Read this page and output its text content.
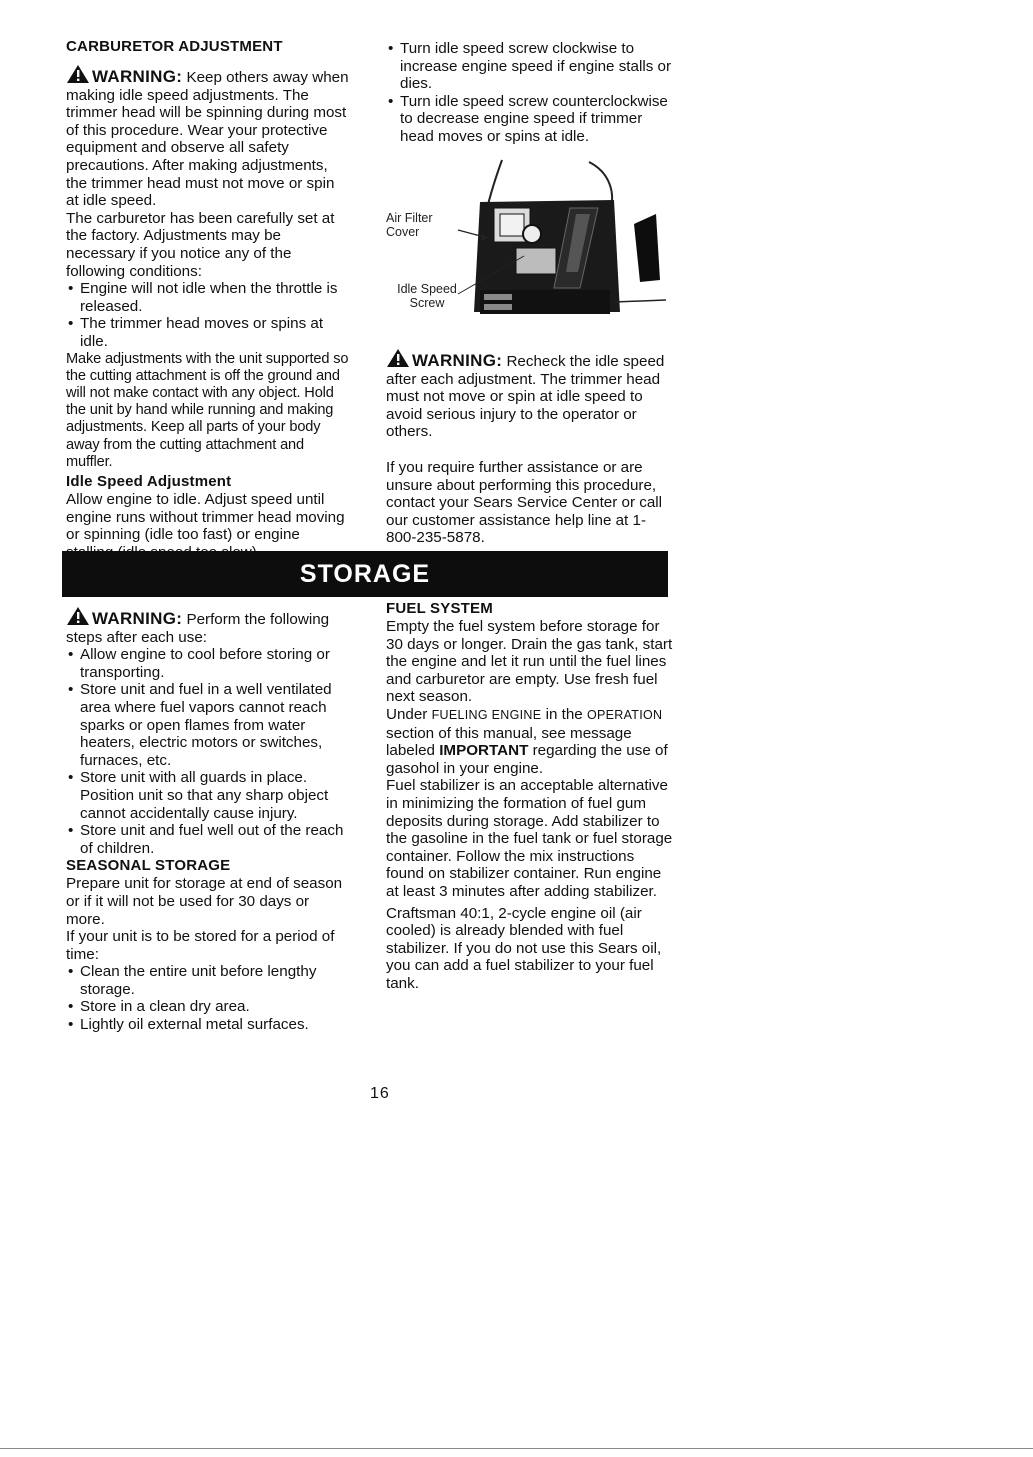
CARBURETOR ADJUSTMENT

WARNING: Keep others away when making idle speed adjustments. The trimmer head will be spinning during most of this procedure. Wear your protective equipment and observe all safety precautions. After making adjustments, the trimmer head must not move or spin at idle speed.

The carburetor has been carefully set at the factory. Adjustments may be necessary if you notice any of the following conditions:

• Engine will not idle when the throttle is released.
• The trimmer head moves or spins at idle.

Make adjustments with the unit supported so the cutting attachment is off the ground and will not make contact with any object. Hold the unit by hand while running and making adjustments. Keep all parts of your body away from the cutting attachment and muffler.

Idle Speed Adjustment

Allow engine to idle. Adjust speed until engine runs without trimmer head moving or spinning (idle too fast) or engine

• Turn idle speed screw clockwise to increase engine speed if engine stalls or dies.
• Turn idle speed screw counterclockwise to decrease engine speed if trimmer head moves or spins at idle.
Air Filter Cover
Idle Speed Screw

WARNING: Recheck the idle speed after each adjustment. The trimmer head must not move or spin at idle speed to avoid serious injury to the operator or others.

If you require further assistance or are unsure about performing this procedure, contact your Sears Service Center or call our customer assistance help line at 1-800-235-5878.

STORAGE

WARNING: Perform the following steps after each use:

• Allow engine to cool before storing or transporting.
• Store unit and fuel in a well ventilated area where fuel vapors cannot reach sparks or open flames from water heaters, electric motors or switches, furnaces, etc.
• Store unit with all guards in place. Position unit so that any sharp object cannot accidentally cause injury.
• Store unit and fuel well out of the reach of children.

SEASONAL STORAGE

Prepare unit for storage at end of season or if it will not be used for 30 days or more.

If your unit is to be stored for a period of time:

• Clean the entire unit before lengthy storage.
• Store in a clean dry area.
• Lightly oil external metal surfaces.

FUEL SYSTEM

Empty the fuel system before storage for 30 days or longer. Drain the gas tank, start the engine and let it run until the fuel lines and carburetor are empty. Use fresh fuel next season.

Under FUELING ENGINE in the OPERATION section of this manual, see message labeled IMPORTANT regarding the use of gasohol in your engine.

Fuel stabilizer is an acceptable alternative in minimizing the formation of fuel gum deposits during storage. Add stabilizer to the gasoline in the fuel tank or fuel storage container. Follow the mix instructions found on stabilizer container. Run engine at least 3 minutes after adding stabilizer.

Craftsman 40:1, 2-cycle engine oil (air cooled) is already blended with fuel stabilizer. If you do not use this Sears oil, you can add a fuel stabilizer to your fuel tank.

16
